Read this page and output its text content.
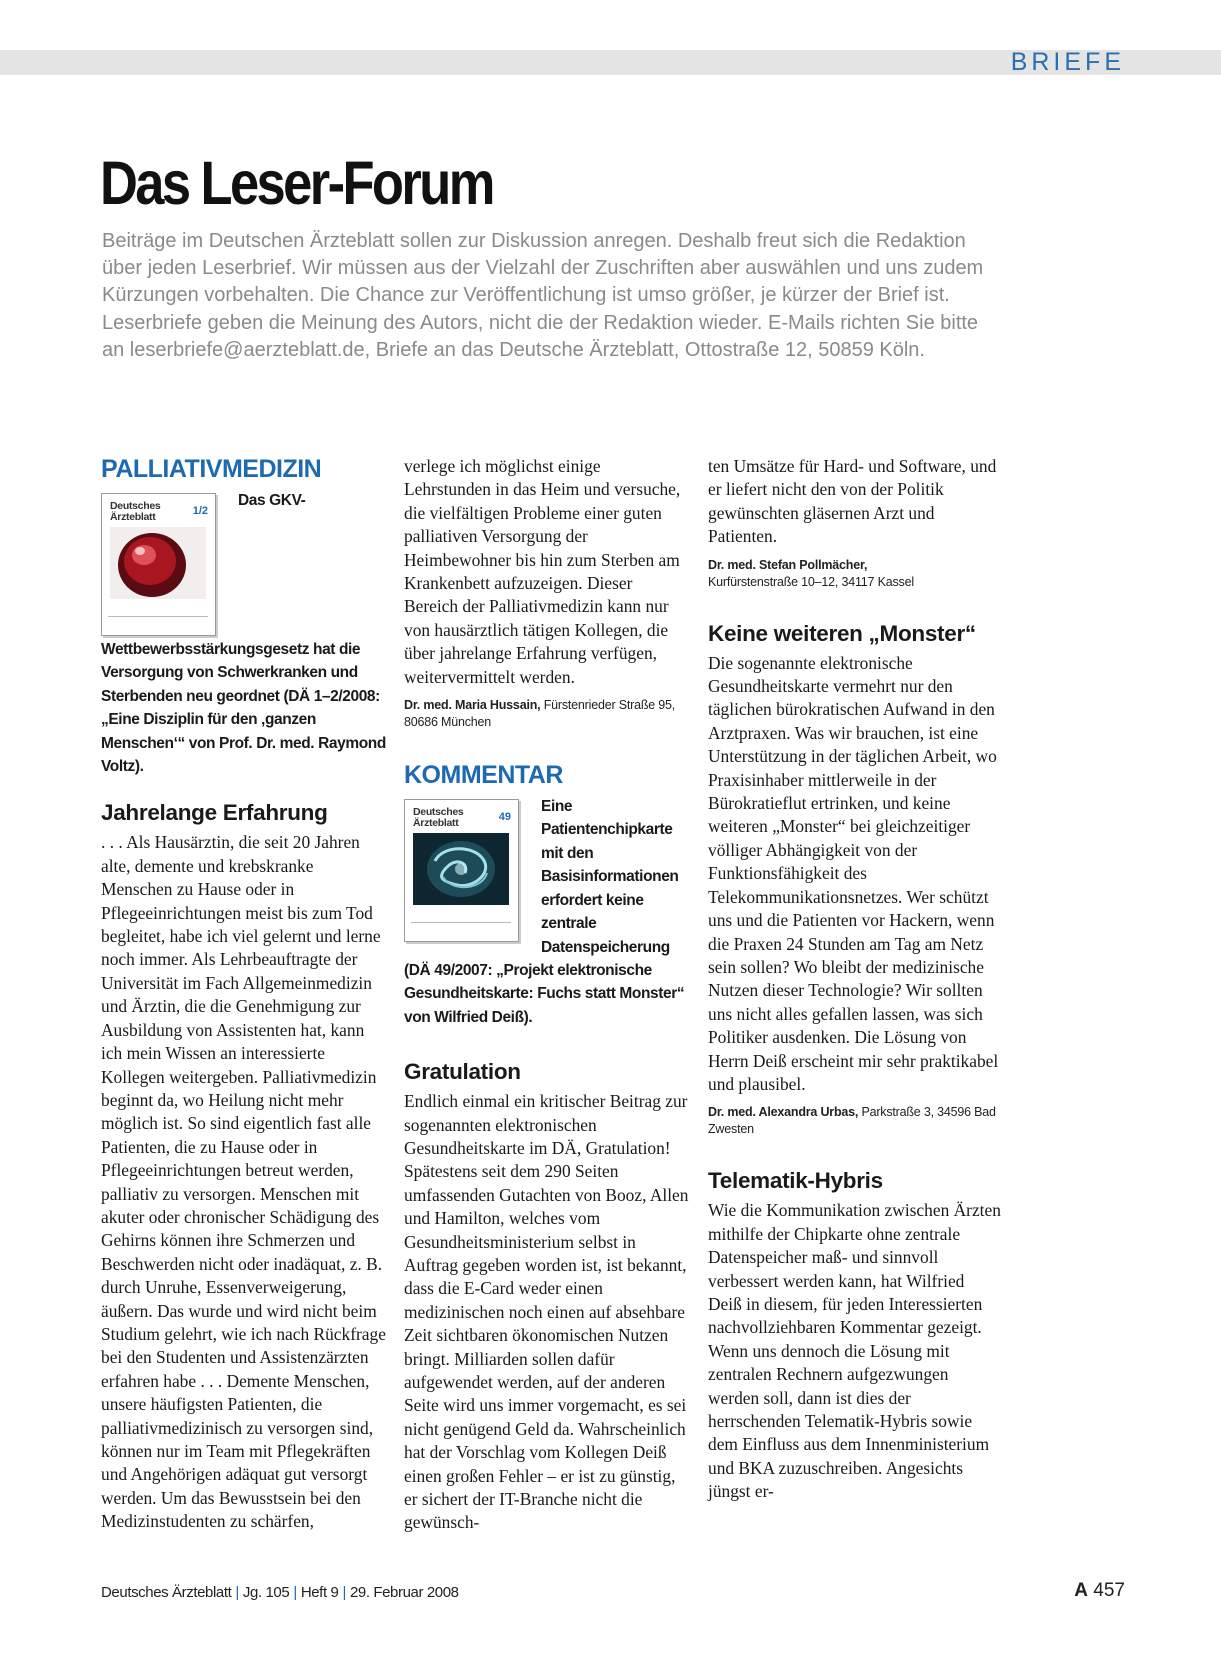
BRIEFE
Das Leser-Forum

Beiträge im Deutschen Ärzteblatt sollen zur Diskussion anregen. Deshalb freut sich die Redaktion über jeden Leserbrief. Wir müssen aus der Vielzahl der Zuschriften aber auswählen und uns zudem Kürzungen vorbehalten. Die Chance zur Veröffentlichung ist umso größer, je kürzer der Brief ist. Leserbriefe geben die Meinung des Autors, nicht die der Redaktion wieder. E-Mails richten Sie bitte an leserbriefe@aerzteblatt.de, Briefe an das Deutsche Ärzteblatt, Ottostraße 12, 50859 Köln.

PALLIATIVMEDIZIN
Deutsches Ärzteblatt	1/2

Das GKV-Wettbewerbsstärkungsgesetz hat die Versorgung von Schwerkranken und Sterbenden neu geordnet (DÄ 1–2/2008: „Eine Disziplin für den ‚ganzen Menschen‘“ von Prof. Dr. med. Raymond Voltz).

Jahrelange Erfahrung

. . . Als Hausärztin, die seit 20 Jahren alte, demente und krebskranke Menschen zu Hause oder in Pflegeeinrichtungen meist bis zum Tod begleitet, habe ich viel gelernt und lerne noch immer. Als Lehrbeauftragte der Universität im Fach Allgemeinmedizin und Ärztin, die die Genehmigung zur Ausbildung von Assistenten hat, kann ich mein Wissen an interessierte Kollegen weitergeben. Palliativmedizin beginnt da, wo Heilung nicht mehr möglich ist. So sind eigentlich fast alle Patienten, die zu Hause oder in Pflegeeinrichtungen betreut werden, palliativ zu versorgen. Menschen mit akuter oder chronischer Schädigung des Gehirns können ihre Schmerzen und Beschwerden nicht oder inadäquat, z. B. durch Unruhe, Essenverweigerung, äußern. Das wurde und wird nicht beim Studium gelehrt, wie ich nach Rückfrage bei den Studenten und Assistenzärzten erfahren habe . . . Demente Menschen, unsere häufigsten Patienten, die palliativmedizinisch zu versorgen sind, können nur im Team mit Pflegekräften und Angehörigen adäquat gut versorgt werden. Um das Bewusstsein bei den Medizinstudenten zu schärfen,

verlege ich möglichst einige Lehrstunden in das Heim und versuche, die vielfältigen Probleme einer guten palliativen Versorgung der Heimbewohner bis hin zum Sterben am Krankenbett aufzuzeigen. Dieser Bereich der Palliativmedizin kann nur von hausärztlich tätigen Kollegen, die über jahrelange Erfahrung verfügen, weitervermittelt werden.

Dr. med. Maria Hussain, Fürstenrieder Straße 95, 80686 München
KOMMENTAR
Deutsches Ärzteblatt	49

Eine Patientenchipkarte mit den Basisinformationen erfordert keine zentrale Datenspeicherung (DÄ 49/2007: „Projekt elektronische Gesundheitskarte: Fuchs statt Monster“ von Wilfried Deiß).

Gratulation

Endlich einmal ein kritischer Beitrag zur sogenannten elektronischen Gesundheitskarte im DÄ, Gratulation! Spätestens seit dem 290 Seiten umfassenden Gutachten von Booz, Allen und Hamilton, welches vom Gesundheitsministerium selbst in Auftrag gegeben worden ist, ist bekannt, dass die E-Card weder einen medizinischen noch einen auf absehbare Zeit sichtbaren ökonomischen Nutzen bringt. Milliarden sollen dafür aufgewendet werden, auf der anderen Seite wird uns immer vorgemacht, es sei nicht genügend Geld da. Wahrscheinlich hat der Vorschlag vom Kollegen Deiß einen großen Fehler – er ist zu günstig, er sichert der IT-Branche nicht die gewünsch-

ten Umsätze für Hard- und Software, und er liefert nicht den von der Politik gewünschten gläsernen Arzt und Patienten.

Dr. med. Stefan Pollmächer,
Kurfürstenstraße 10–12, 34117 Kassel
Keine weiteren „Monster“

Die sogenannte elektronische Gesundheitskarte vermehrt nur den täglichen bürokratischen Aufwand in den Arztpraxen. Was wir brauchen, ist eine Unterstützung in der täglichen Arbeit, wo Praxisinhaber mittlerweile in der Bürokratieflut ertrinken, und keine weiteren „Monster“ bei gleichzeitiger völliger Abhängigkeit von der Funktionsfähigkeit des Telekommunikationsnetzes. Wer schützt uns und die Patienten vor Hackern, wenn die Praxen 24 Stunden am Tag am Netz sein sollen? Wo bleibt der medizinische Nutzen dieser Technologie? Wir sollten uns nicht alles gefallen lassen, was sich Politiker ausdenken. Die Lösung von Herrn Deiß erscheint mir sehr praktikabel und plausibel.

Dr. med. Alexandra Urbas, Parkstraße 3, 34596 Bad Zwesten
Telematik-Hybris

Wie die Kommunikation zwischen Ärzten mithilfe der Chipkarte ohne zentrale Datenspeicher maß- und sinnvoll verbessert werden kann, hat Wilfried Deiß in diesem, für jeden Interessierten nachvollziehbaren Kommentar gezeigt. Wenn uns dennoch die Lösung mit zentralen Rechnern aufgezwungen werden soll, dann ist dies der herrschenden Telematik-Hybris sowie dem Einfluss aus dem Innenministerium und BKA zuzuschreiben. Angesichts jüngst er-

Deutsches Ärzteblatt | Jg. 105 | Heft 9 | 29. Februar 2008	A 457
